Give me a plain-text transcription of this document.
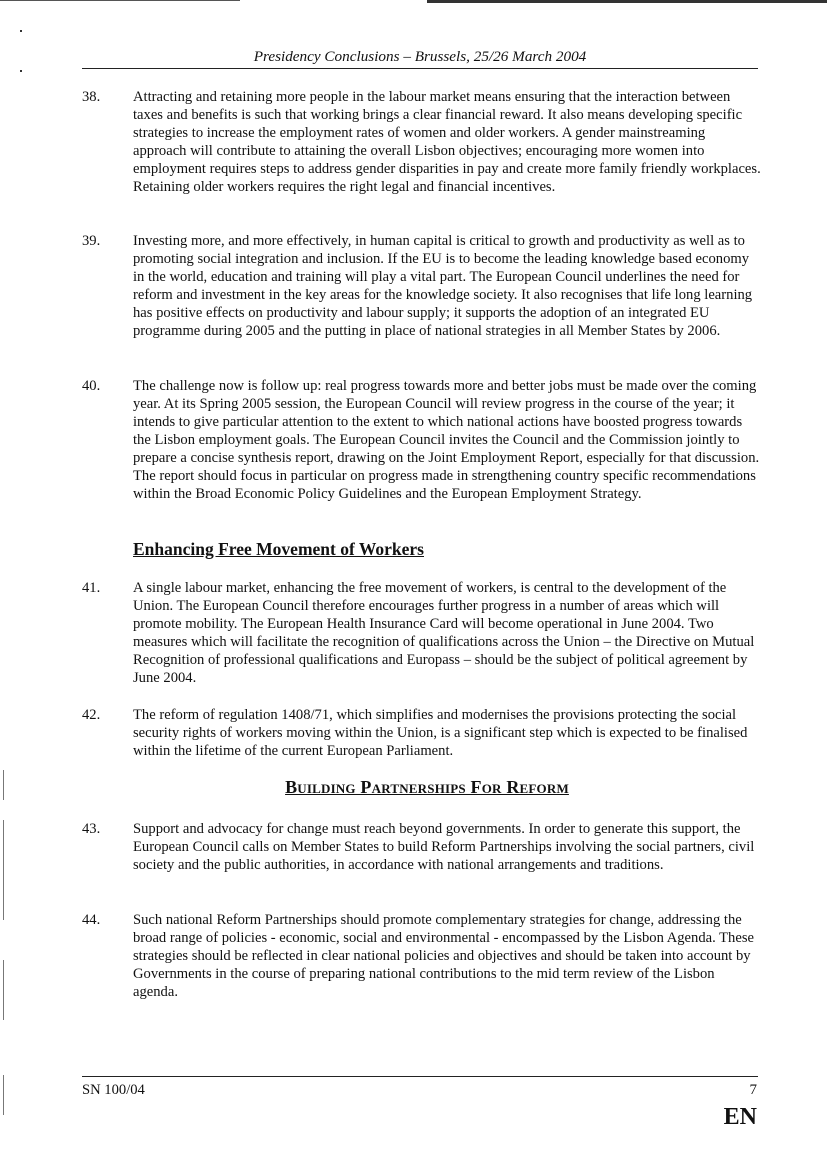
Presidency Conclusions – Brussels, 25/26 March 2004
38.	Attracting and retaining more people in the labour market means ensuring that the interaction between taxes and benefits is such that working brings a clear financial reward. It also means developing specific strategies to increase the employment rates of women and older workers. A gender mainstreaming approach will contribute to attaining the overall Lisbon objectives; encouraging more women into employment requires steps to address gender disparities in pay and create more family friendly workplaces. Retaining older workers requires the right legal and financial incentives.
39.	Investing more, and more effectively, in human capital is critical to growth and productivity as well as to promoting social integration and inclusion. If the EU is to become the leading knowledge based economy in the world, education and training will play a vital part. The European Council underlines the need for reform and investment in the key areas for the knowledge society. It also recognises that life long learning has positive effects on productivity and labour supply; it supports the adoption of an integrated EU programme during 2005 and the putting in place of national strategies in all Member States by 2006.
40.	The challenge now is follow up: real progress towards more and better jobs must be made over the coming year. At its Spring 2005 session, the European Council will review progress in the course of the year; it intends to give particular attention to the extent to which national actions have boosted progress towards the Lisbon employment goals. The European Council invites the Council and the Commission jointly to prepare a concise synthesis report, drawing on the Joint Employment Report, especially for that discussion. The report should focus in particular on progress made in strengthening country specific recommendations within the Broad Economic Policy Guidelines and the European Employment Strategy.
Enhancing Free Movement of Workers
41.	A single labour market, enhancing the free movement of workers, is central to the development of the Union. The European Council therefore encourages further progress in a number of areas which will promote mobility. The European Health Insurance Card will become operational in June 2004. Two measures which will facilitate the recognition of qualifications across the Union – the Directive on Mutual Recognition of professional qualifications and Europass – should be the subject of political agreement by June 2004.
42.	The reform of regulation 1408/71, which simplifies and modernises the provisions protecting the social security rights of workers moving within the Union, is a significant step which is expected to be finalised within the lifetime of the current European Parliament.
Building Partnerships For Reform
43.	Support and advocacy for change must reach beyond governments. In order to generate this support, the European Council calls on Member States to build Reform Partnerships involving the social partners, civil society and the public authorities, in accordance with national arrangements and traditions.
44.	Such national Reform Partnerships should promote complementary strategies for change, addressing the broad range of policies - economic, social and environmental - encompassed by the Lisbon Agenda. These strategies should be reflected in clear national policies and objectives and should be taken into account by Governments in the course of preparing national contributions to the mid term review of the Lisbon agenda.
SN 100/04	7
EN
